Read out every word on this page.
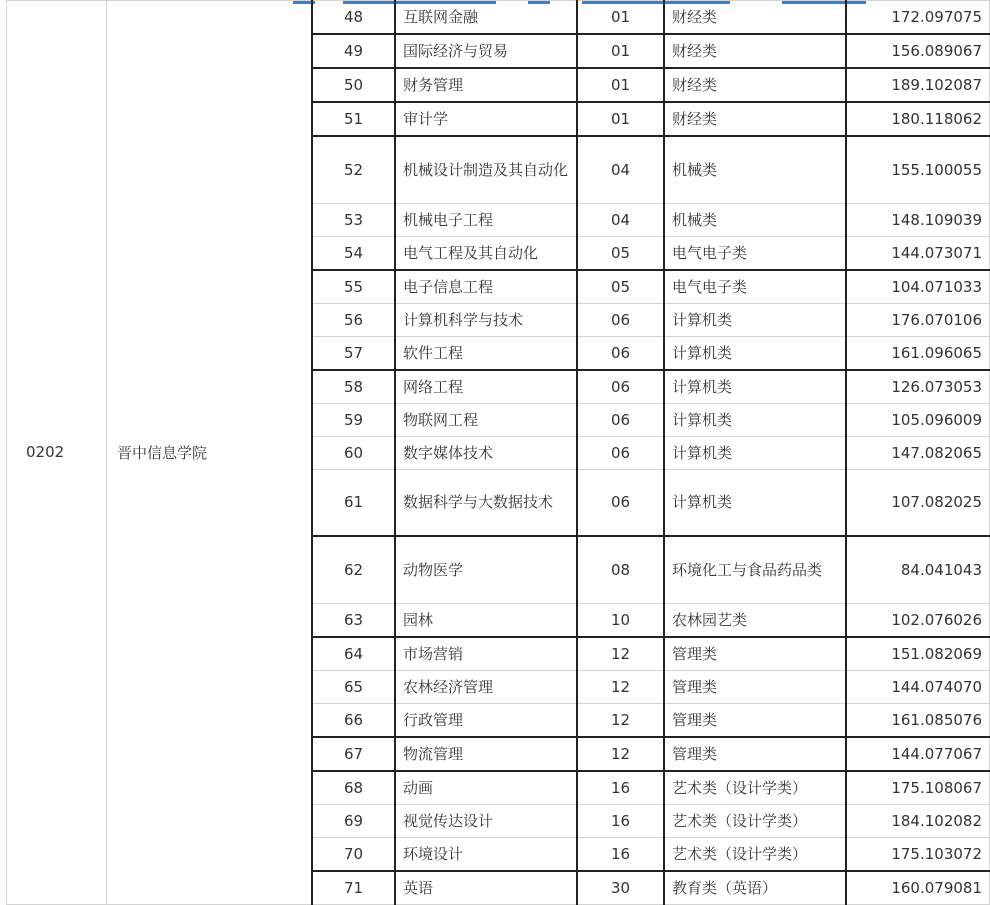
0202	晋中信息学院	48	互联网金融	01	财经类	172.097075
		49	国际经济与贸易	01	财经类	156.089067
		50	财务管理	01	财经类	189.102087
		51	审计学	01	财经类	180.118062
		52	机械设计制造及其自动化	04	机械类	155.100055
		53	机械电子工程	04	机械类	148.109039
		54	电气工程及其自动化	05	电气电子类	144.073071
		55	电子信息工程	05	电气电子类	104.071033
		56	计算机科学与技术	06	计算机类	176.070106
		57	软件工程	06	计算机类	161.096065
		58	网络工程	06	计算机类	126.073053
		59	物联网工程	06	计算机类	105.096009
		60	数字媒体技术	06	计算机类	147.082065
		61	数据科学与大数据技术	06	计算机类	107.082025
		62	动物医学	08	环境化工与食品药品类	84.041043
		63	园林	10	农林园艺类	102.076026
		64	市场营销	12	管理类	151.082069
		65	农林经济管理	12	管理类	144.074070
		66	行政管理	12	管理类	161.085076
		67	物流管理	12	管理类	144.077067
		68	动画	16	艺术类（设计学类）	175.108067
		69	视觉传达设计	16	艺术类（设计学类）	184.102082
		70	环境设计	16	艺术类（设计学类）	175.103072
		71	英语	30	教育类（英语）	160.079081
